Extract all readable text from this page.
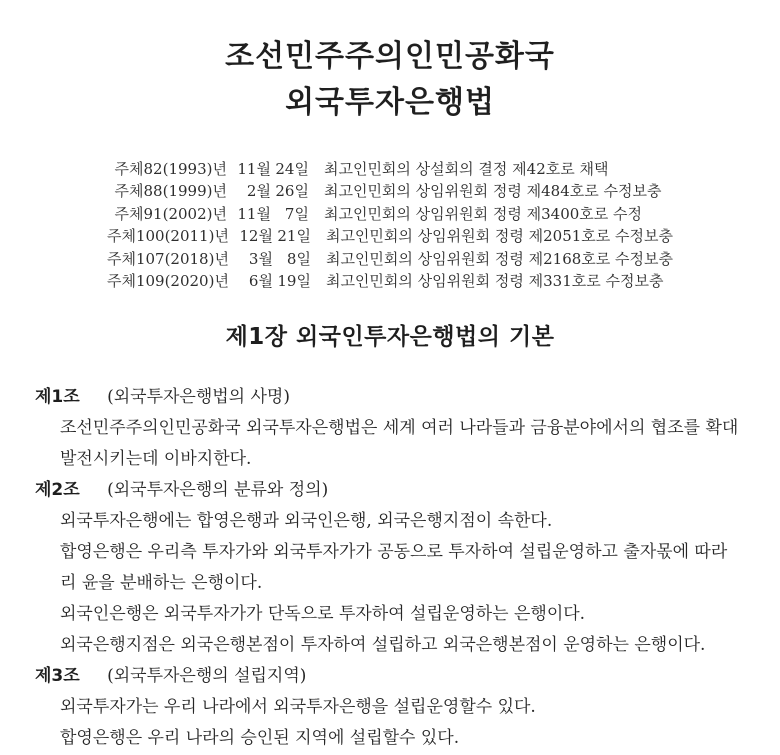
조선민주주의인민공화국
외국투자은행법
주체82(1993)년 11월 24일 최고인민회의 상설회의 결정 제42호로 채택
주체88(1999)년	2월 26일 최고인민회의 상임위원회 정령 제484호로 수정보충
주체91(2002)년 11월 7일 최고인민회의 상임위원회 정령 제3400호로 수정
주체100(2011)년 12월 21일 최고인민회의 상임위원회 정령 제2051호로 수정보충
주체107(2018)년	3월 8일 최고인민회의 상임위원회 정령 제2168호로 수정보충
주체109(2020)년	6월 19일 최고인민회의 상임위원회 정령 제331호로 수정보충
제1장 외국인투자은행법의 기본
제1조 (외국투자은행법의 사명)
조선민주주의인민공화국 외국투자은행법은 세계 여러 나라들과 금융분야에서의 협조를 확대
발전시키는데 이바지한다.
제2조 (외국투자은행의 분류와 정의)
외국투자은행에는 합영은행과 외국인은행, 외국은행지점이 속한다.
합영은행은 우리측 투자가와 외국투자가가 공동으로 투자하여 설립운영하고 출자몫에 따라
리 윤을 분배하는 은행이다.
외국인은행은 외국투자가가 단독으로 투자하여 설립운영하는 은행이다.
외국은행지점은 외국은행본점이 투자하여 설립하고 외국은행본점이 운영하는 은행이다.
제3조 (외국투자은행의 설립지역)
외국투자가는 우리 나라에서 외국투자은행을 설립운영할수 있다.
합영은행은 우리 나라의 승인된 지역에 설립할수 있다.
